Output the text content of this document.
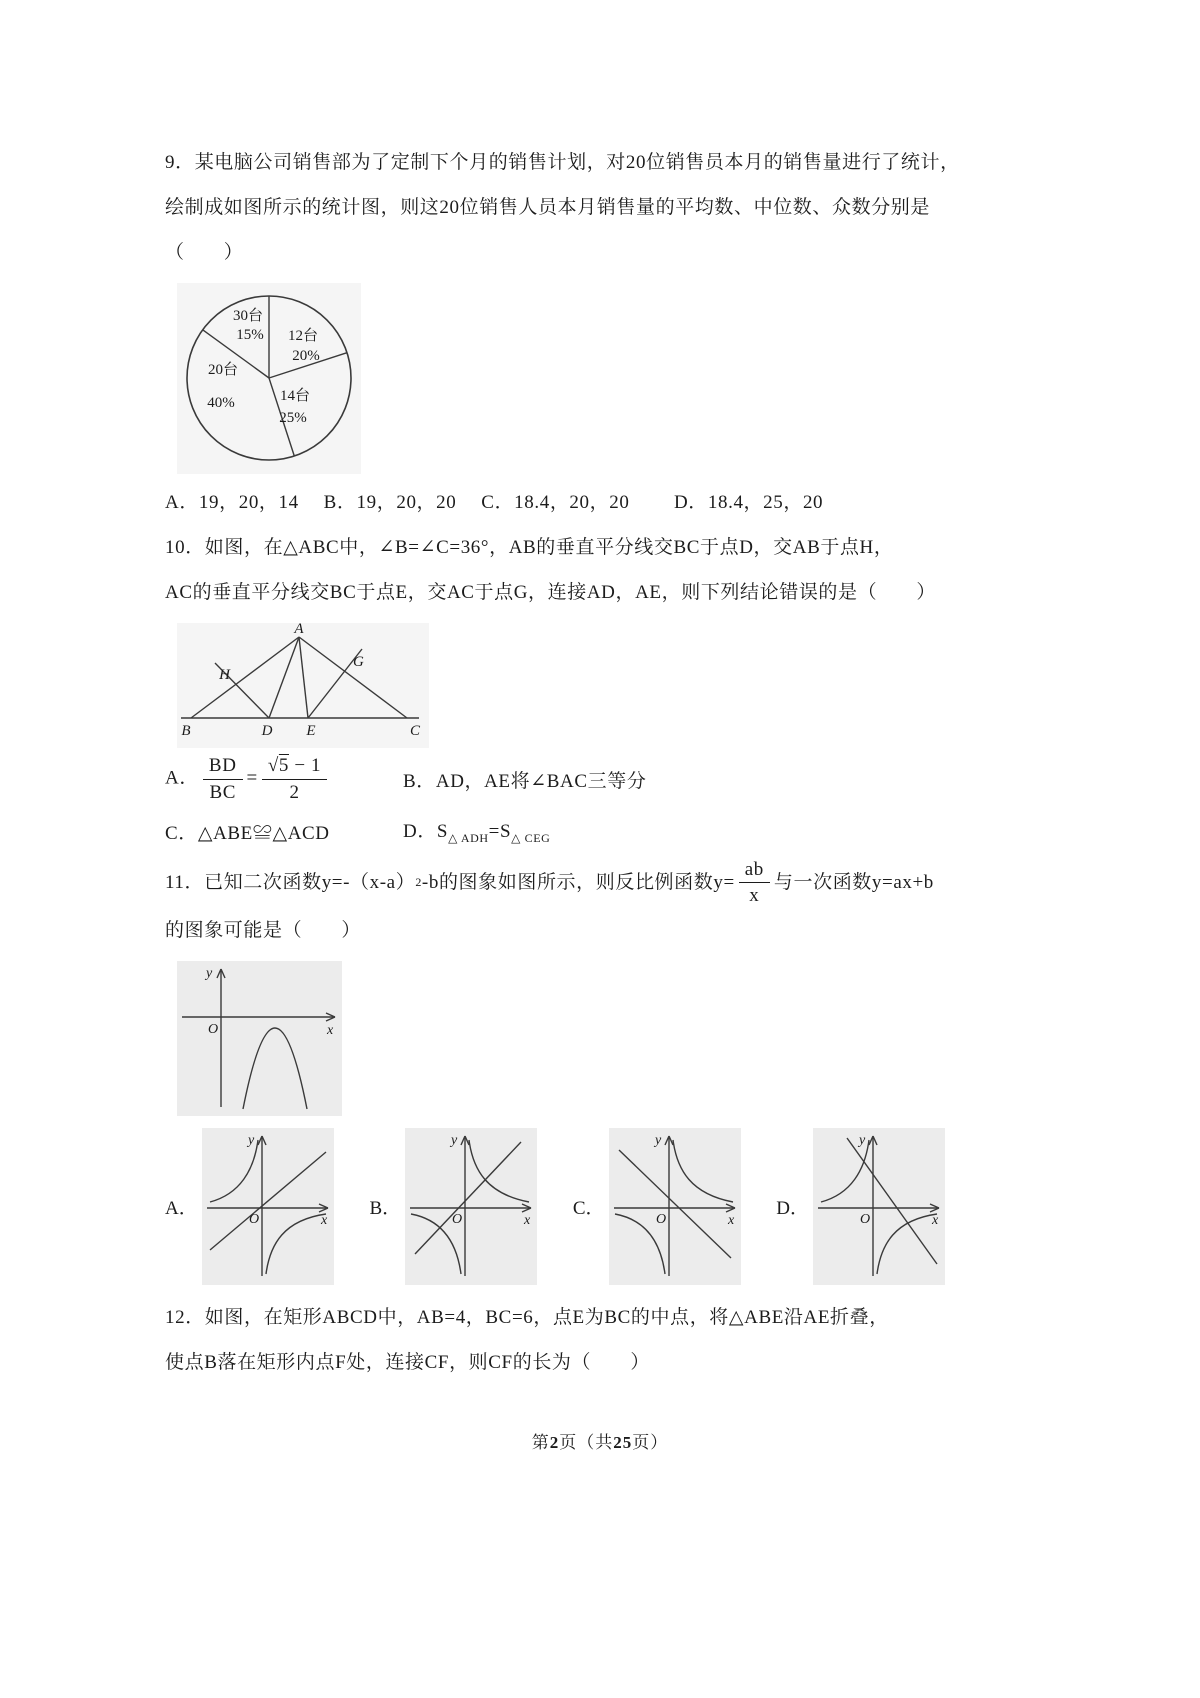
9．某电脑公司销售部为了定制下个月的销售计划，对20位销售员本月的销售量进行了统计，

绘制成如图所示的统计图，则这20位销售人员本月销售量的平均数、中位数、众数分别是

（　　）

30台
15% 12台
20%
20台
40%	14台
25%

A．19，20，14　 B．19，20，20　 C．18.4，20，20　　 D．18.4，25，20

10．如图，在△ABC中，∠B=∠C=36°，AB的垂直平分线交BC于点D，交AB于点H，

AC的垂直平分线交BC于点E，交AC于点G，连接AD，AE，则下列结论错误的是（　　）

A
B	C
D E
H
G
A． $\frac{BD}{BC} = \frac{√5 - 1}{2}$	B．AD，AE将∠BAC三等分
C．△ABE≌△ACD	D．$S_{\triangle ADH}=S_{\triangle CEG}$

11．已知二次函数y=-（x-a） 2 -b的图象如图所示，则反比例函数$y= \frac{ab}{x}$ 与一次函数y=ax+b

的图象可能是（　　）

y
O	x
A．
y
O	x
B．
y
O	x
C．
y
O	x
D．
y
O	x

12．如图，在矩形ABCD中，AB=4，BC=6，点E为BC的中点，将△ABE沿AE折叠，

使点B落在矩形内点F处，连接CF，则CF的长为（　　）

第2页（共25页）
